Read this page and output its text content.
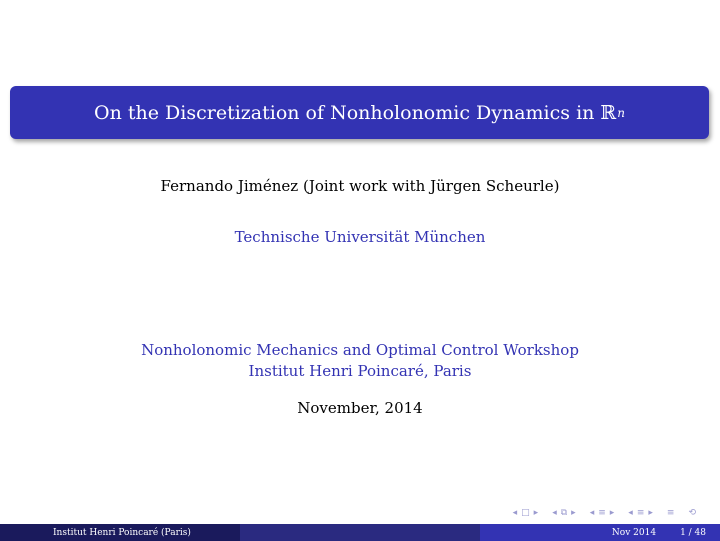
On the Discretization of Nonholonomic Dynamics in ℝ n
Fernando Jiménez (Joint work with Jürgen Scheurle)
Technische Universität München
Nonholonomic Mechanics and Optimal Control Workshop
Institut Henri Poincaré, Paris
November, 2014
◂ □ ▸ ◂ ⧉ ▸ ◂ ≡ ▸ ◂ ≡ ▸ ≡ ⟲
Institut Henri Poincaré (Paris)	Nov 2014	1 / 48
